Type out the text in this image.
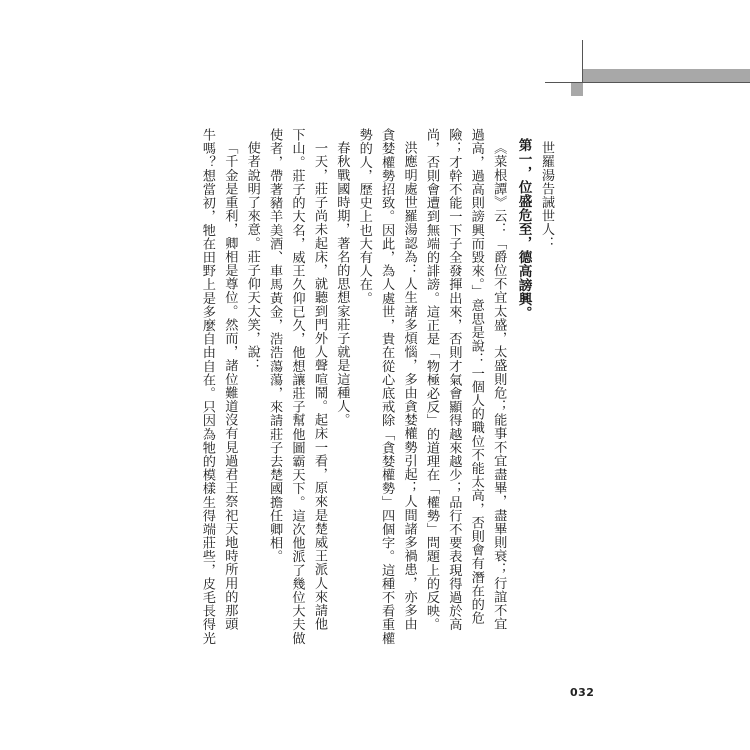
世羅湯告誡世人：
第一，位盛危至，德高謗興。
《菜根譚》云：「爵位不宜太盛，太盛則危；能事不宜盡畢，盡畢則衰；行誼不宜
過高，過高則謗興而毀來。」意思是說：一個人的職位不能太高，否則會有潛在的危
險；才幹不能一下子全發揮出來，否則才氣會顯得越來越少；品行不要表現得過於高
尚，否則會遭到無端的誹謗。這正是「物極必反」的道理在「權勢」問題上的反映。
洪應明處世羅湯認為：人生諸多煩惱，多由貪婪權勢引起；人間諸多禍患，亦多由
貪婪權勢招致。因此，為人處世，貴在從心底戒除「貪婪權勢」四個字。這種不看重權
勢的人，歷史上也大有人在。
春秋戰國時期，著名的思想家莊子就是這種人。
一天，莊子尚未起床，就聽到門外人聲喧鬧。起床一看，原來是楚威王派人來請他
下山。莊子的大名，威王久仰已久，他想讓莊子幫他圖霸天下。這次他派了幾位大夫做
使者，帶著豬羊美酒、車馬黃金，浩浩蕩蕩，來請莊子去楚國擔任卿相。
使者說明了來意。莊子仰天大笑，說：
「千金是重利，卿相是尊位。然而，諸位難道沒有見過君王祭祀天地時所用的那頭
牛嗎？想當初，牠在田野上是多麼自由自在。只因為牠的模樣生得端莊些，皮毛長得光
032
